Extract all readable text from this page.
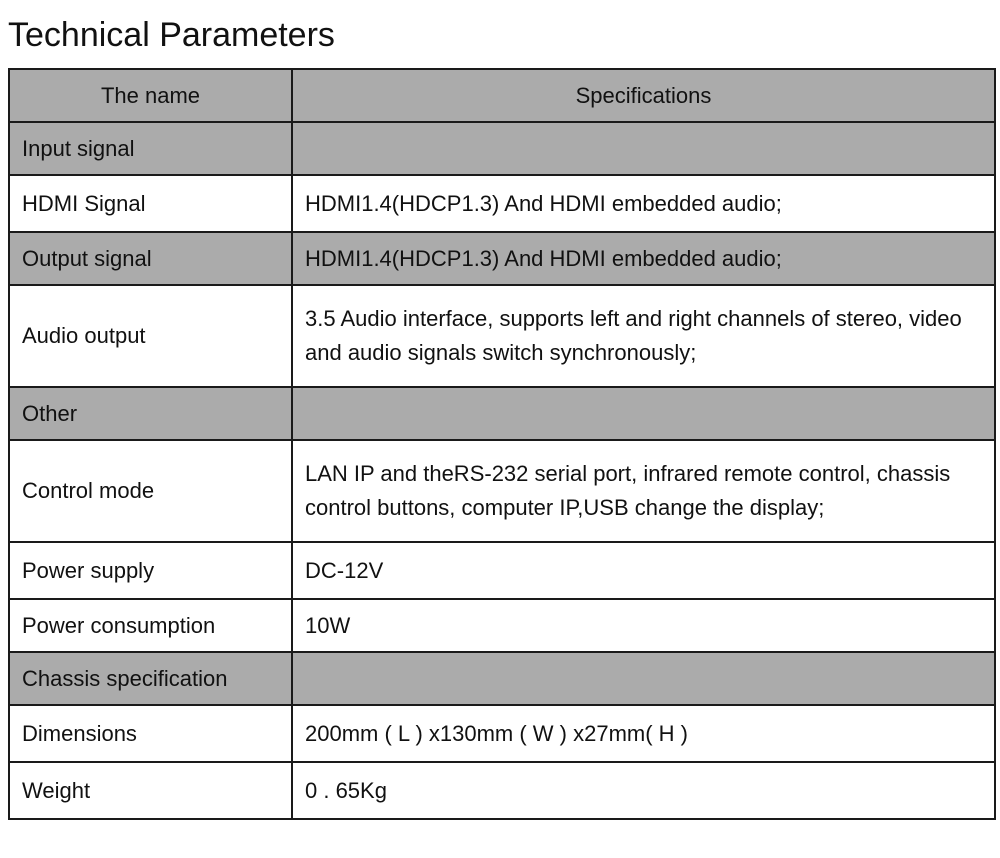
Technical Parameters
The name	Specifications
Input signal	
HDMI Signal	HDMI1.4(HDCP1.3) And HDMI embedded audio;
Output signal	HDMI1.4(HDCP1.3) And HDMI embedded audio;
Audio output	3.5 Audio interface, supports left and right channels of stereo, video and audio signals switch synchronously;
Other	
Control mode	LAN IP and theRS-232 serial port, infrared remote control, chassis control buttons, computer IP,USB change the display;
Power supply	DC-12V
Power consumption	10W
Chassis specification	
Dimensions	200mm ( L ) x130mm ( W ) x27mm( H )
Weight	0 . 65Kg
